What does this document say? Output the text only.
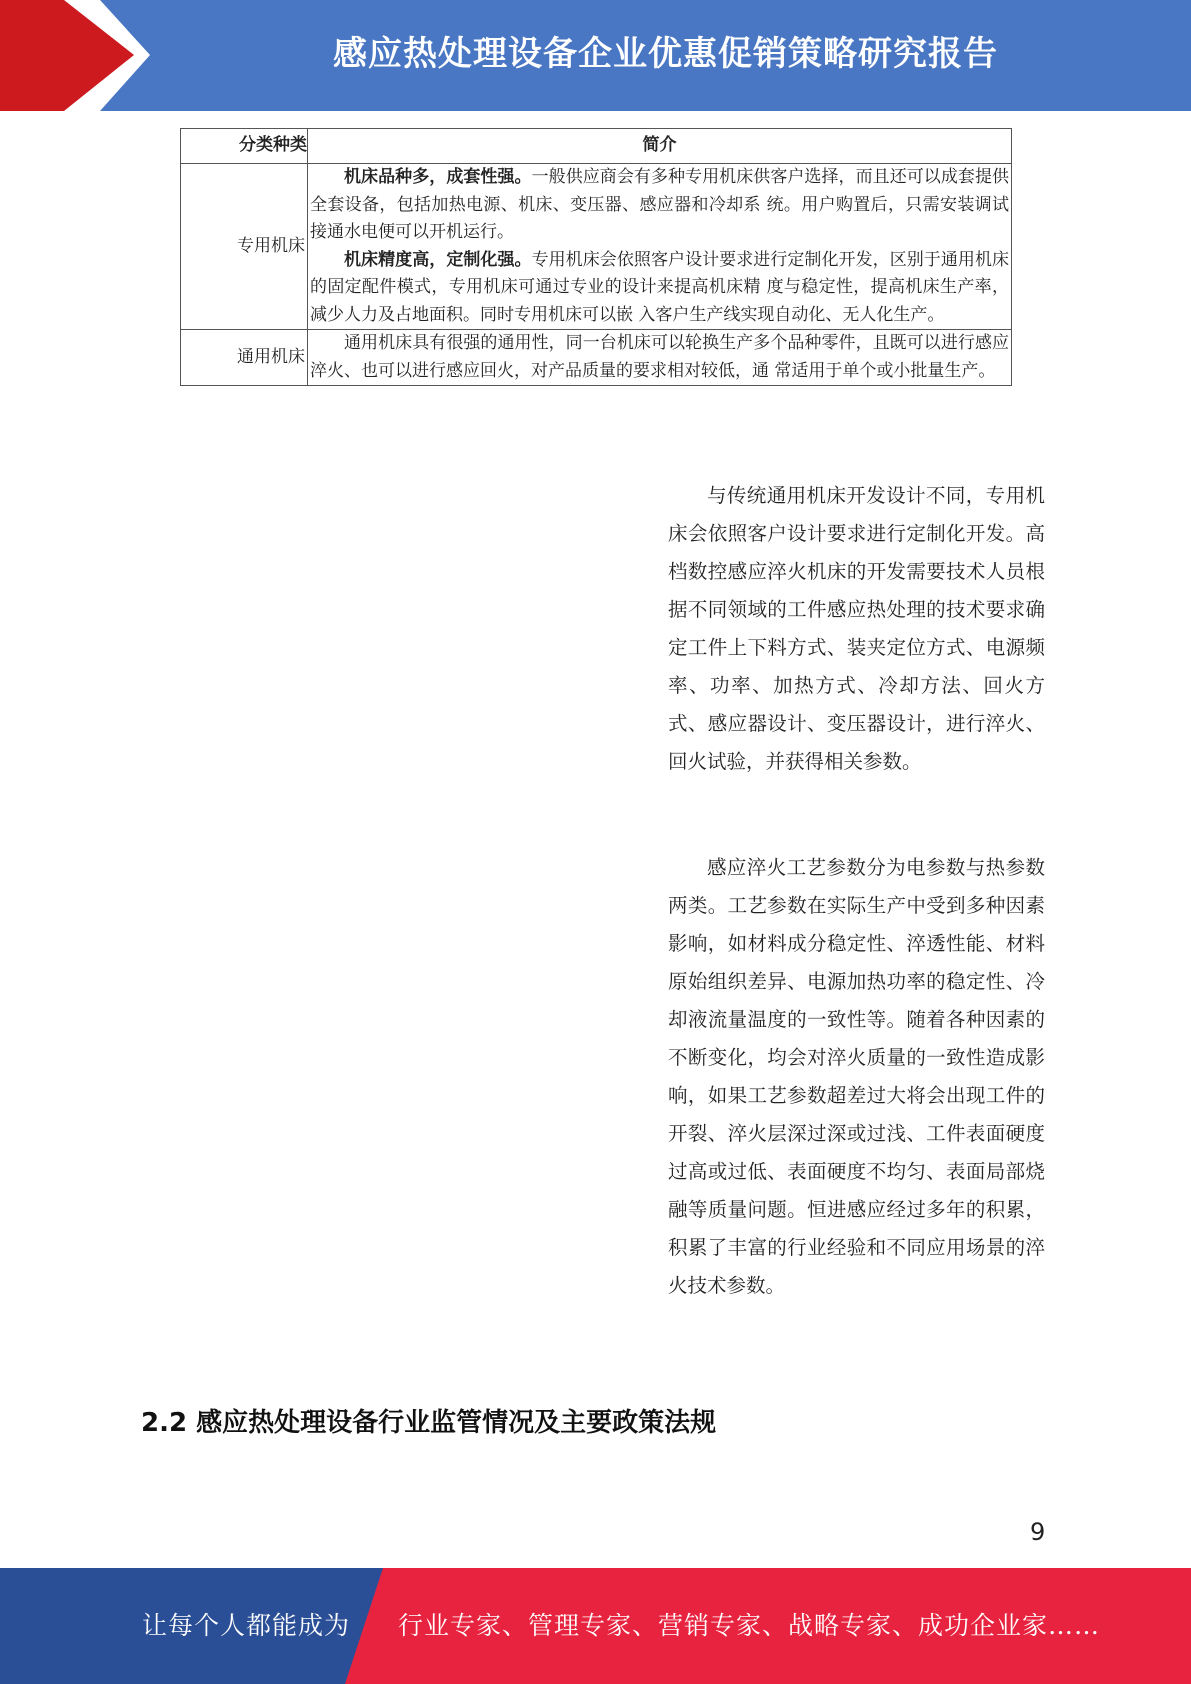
感应热处理设备企业优惠促销策略研究报告
分类种类	简介
专用机床	机床品种多，成套性强。一般供应商会有多种专用机床供客户选择，而且还可以成套提供全套设备，包括加热电源、机床、变压器、感应器和冷却系 统。用户购置后，只需安装调试接通水电便可以开机运行。

机床精度高，定制化强。专用机床会依照客户设计要求进行定制化开发，区别于通用机床的固定配件模式，专用机床可通过专业的设计来提高机床精 度与稳定性，提高机床生产率，减少人力及占地面积。同时专用机床可以嵌 入客户生产线实现自动化、无人化生产。

通用机床	通用机床具有很强的通用性，同一台机床可以轮换生产多个品种零件，且既可以进行感应淬火、也可以进行感应回火，对产品质量的要求相对较低，通 常适用于单个或小批量生产。

与传统通用机床开发设计不同，专用机床会依照客户设计要求进行定制化开发。高档数控感应淬火机床的开发需要技术人员根据不同领域的工件感应热处理的技术要求确定工件上下料方式、装夹定位方式、电源频率、功率、加热方式、冷却方法、回火方式、感应器设计、变压器设计，进行淬火、回火试验，并获得相关参数。

感应淬火工艺参数分为电参数与热参数两类。工艺参数在实际生产中受到多种因素影响，如材料成分稳定性、淬透性能、材料原始组织差异、电源加热功率的稳定性、冷却液流量温度的一致性等。随着各种因素的不断变化，均会对淬火质量的一致性造成影响，如果工艺参数超差过大将会出现工件的开裂、淬火层深过深或过浅、工件表面硬度过高或过低、表面硬度不均匀、表面局部烧融等质量问题。恒进感应经过多年的积累，积累了丰富的行业经验和不同应用场景的淬火技术参数。

2.2 感应热处理设备行业监管情况及主要政策法规
9
让每个人都能成为 行业专家、管理专家、营销专家、战略专家、成功企业家……
